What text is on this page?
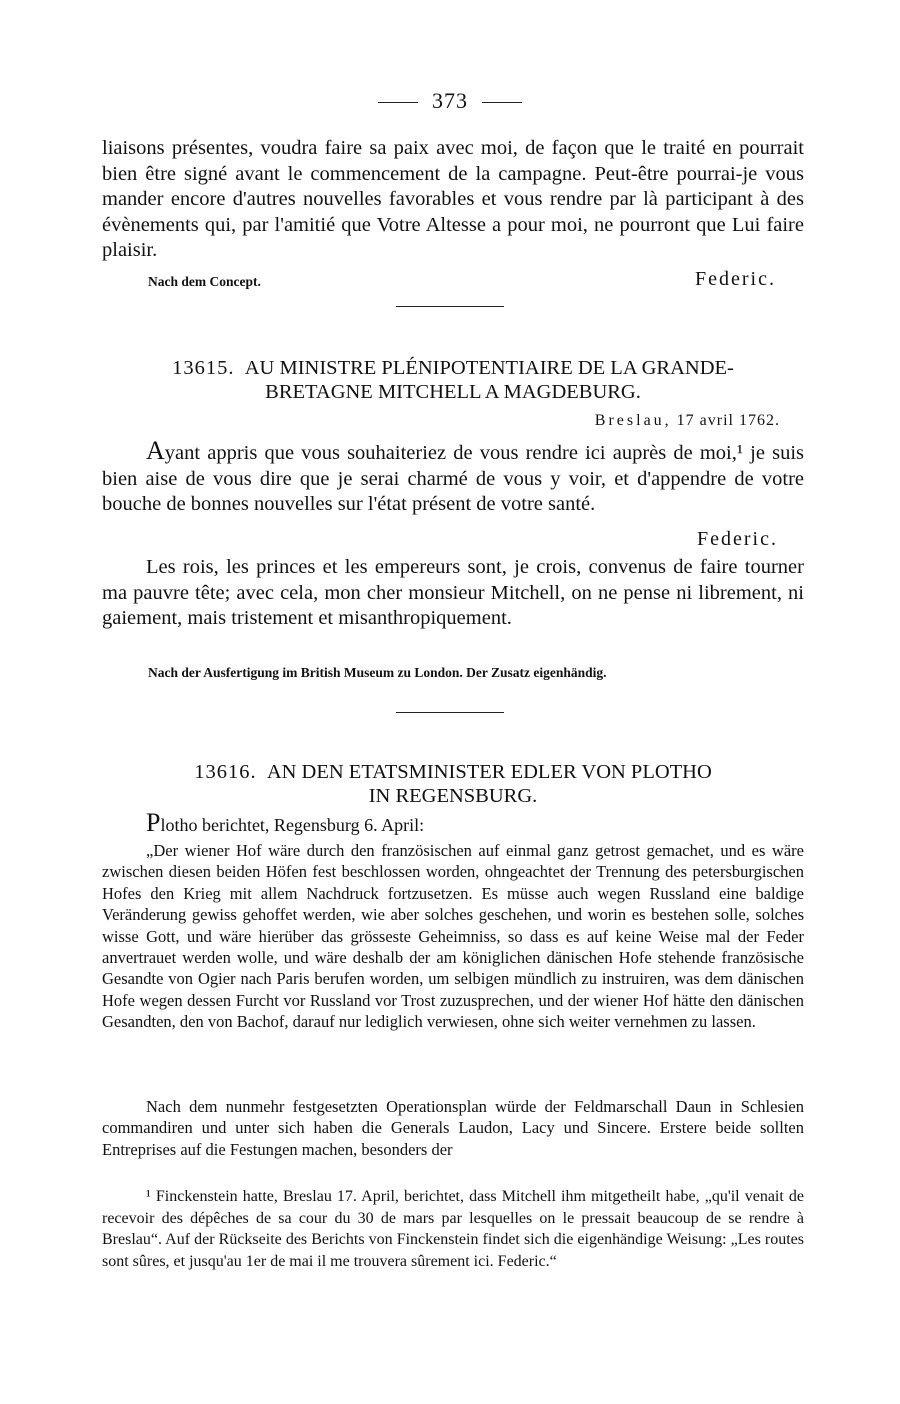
373

liaisons présentes, voudra faire sa paix avec moi, de façon que le traité en pourrait bien être signé avant le commencement de la campagne. Peut-être pourrai-je vous mander encore d'autres nouvelles favorables et vous rendre par là participant à des évènements qui, par l'amitié que Votre Altesse a pour moi, ne pourront que Lui faire plaisir.

Nach dem Concept.	Federic.
13615. AU MINISTRE PLÉNIPOTENTIAIRE DE LA GRANDE-
BRETAGNE MITCHELL A MAGDEBURG.
Breslau, 17 avril 1762.

Ayant appris que vous souhaiteriez de vous rendre ici auprès de moi,¹ je suis bien aise de vous dire que je serai charmé de vous y voir, et d'appendre de votre bouche de bonnes nouvelles sur l'état présent de votre santé.

Federic.

Les rois, les princes et les empereurs sont, je crois, convenus de faire tourner ma pauvre tête; avec cela, mon cher monsieur Mitchell, on ne pense ni librement, ni gaiement, mais tristement et misanthropiquement.

Nach der Ausfertigung im British Museum zu London. Der Zusatz eigenhändig.
13616. AN DEN ETATSMINISTER EDLER VON PLOTHO
IN REGENSBURG.

Plotho berichtet, Regensburg 6. April:

„Der wiener Hof wäre durch den französischen auf einmal ganz getrost gemachet, und es wäre zwischen diesen beiden Höfen fest beschlossen worden, ohngeachtet der Trennung des petersburgischen Hofes den Krieg mit allem Nachdruck fortzusetzen. Es müsse auch wegen Russland eine baldige Veränderung gewiss gehoffet werden, wie aber solches geschehen, und worin es bestehen solle, solches wisse Gott, und wäre hierüber das grösseste Geheimniss, so dass es auf keine Weise mal der Feder anvertrauet werden wolle, und wäre deshalb der am königlichen dänischen Hofe stehende französische Gesandte von Ogier nach Paris berufen worden, um selbigen mündlich zu instruiren, was dem dänischen Hofe wegen dessen Furcht vor Russland vor Trost zuzusprechen, und der wiener Hof hätte den dänischen Gesandten, den von Bachof, darauf nur lediglich verwiesen, ohne sich weiter vernehmen zu lassen.

Nach dem nunmehr festgesetzten Operationsplan würde der Feldmarschall Daun in Schlesien commandiren und unter sich haben die Generals Laudon, Lacy und Sincere. Erstere beide sollten Entreprises auf die Festungen machen, besonders der

¹ Finckenstein hatte, Breslau 17. April, berichtet, dass Mitchell ihm mitgetheilt habe, „qu'il venait de recevoir des dépêches de sa cour du 30 de mars par lesquelles on le pressait beaucoup de se rendre à Breslau“. Auf der Rückseite des Berichts von Finckenstein findet sich die eigenhändige Weisung: „Les routes sont sûres, et jusqu'au 1er de mai il me trouvera sûrement ici. Federic.“
